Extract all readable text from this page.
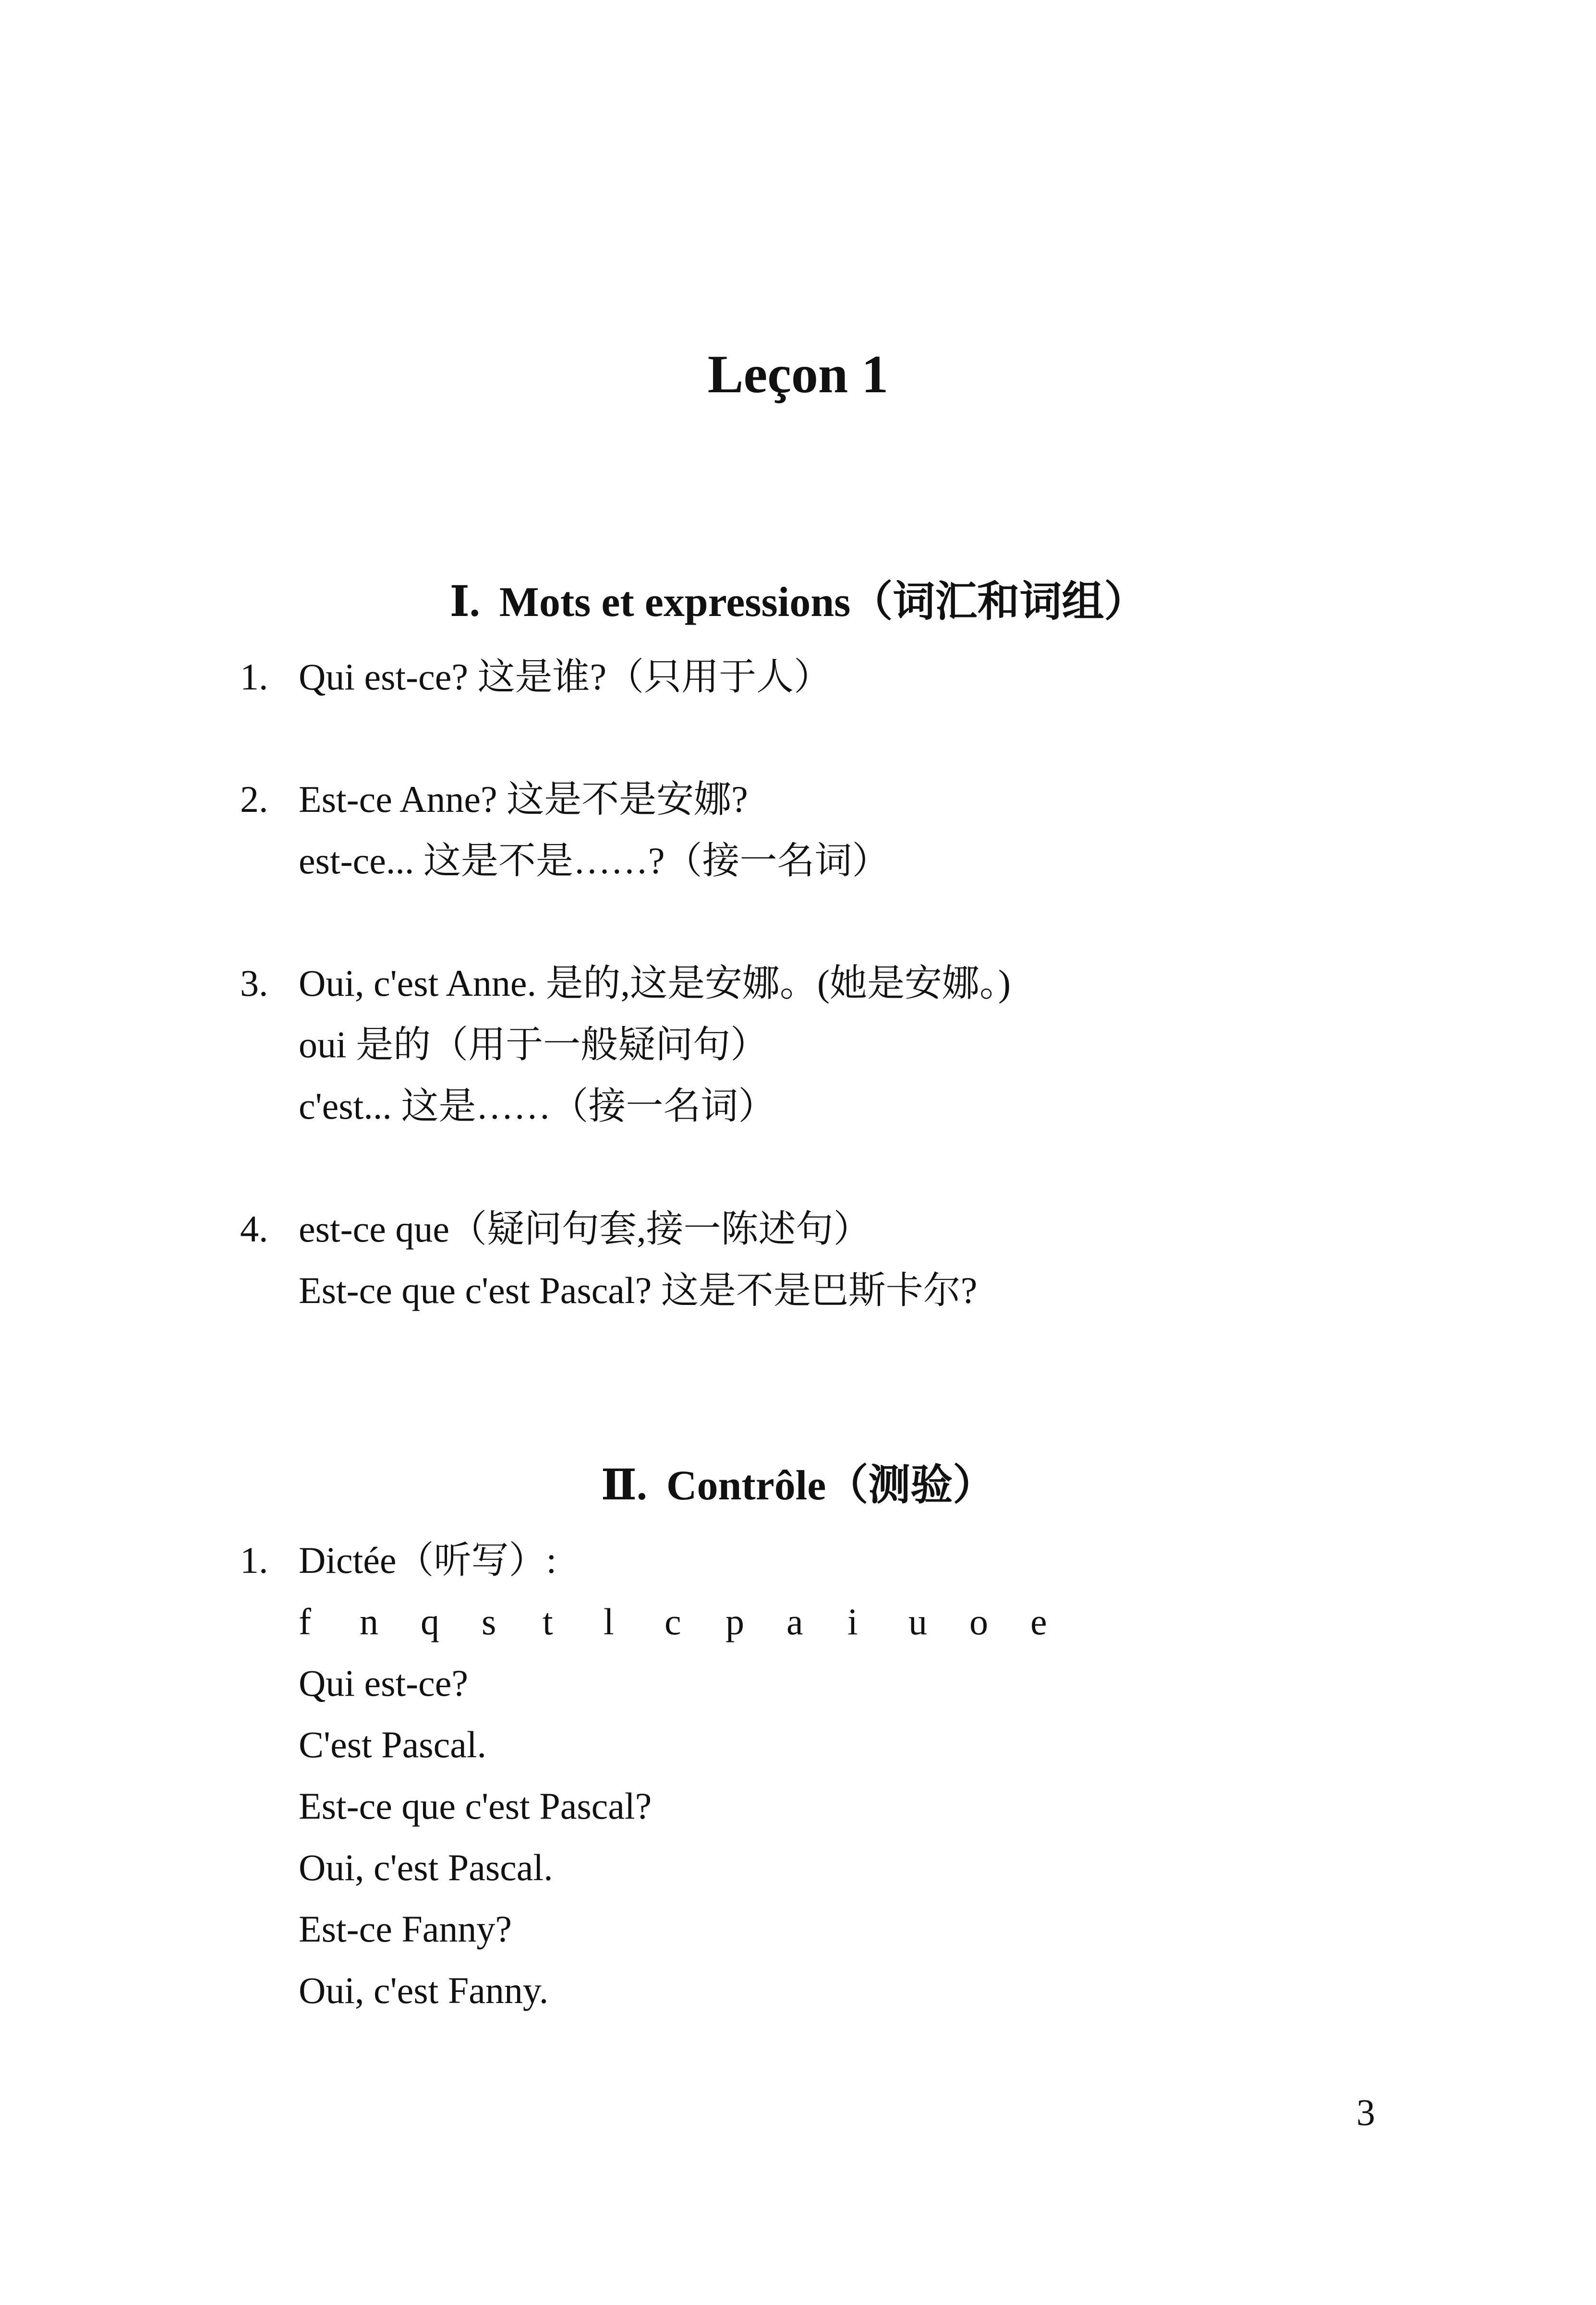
Leçon 1
Ⅰ. Mots et expressions（词汇和词组）
1. Qui est-ce? 这是谁?（只用于人）
2. Est-ce Anne? 这是不是安娜?
est-ce... 这是不是……?（接一名词）
3. Oui, c'est Anne. 是的,这是安娜。(她是安娜。)
oui 是的（用于一般疑问句）
c'est... 这是……（接一名词）
4. est-ce que（疑问句套,接一陈述句）
Est-ce que c'est Pascal? 这是不是巴斯卡尔?
Ⅱ. Contrôle（测验）
1. Dictée（听写）:
f	n	q	s	t	l	c	p	a	i	u	o	e
Qui est-ce?
C'est Pascal.
Est-ce que c'est Pascal?
Oui, c'est Pascal.
Est-ce Fanny?
Oui, c'est Fanny.
3
